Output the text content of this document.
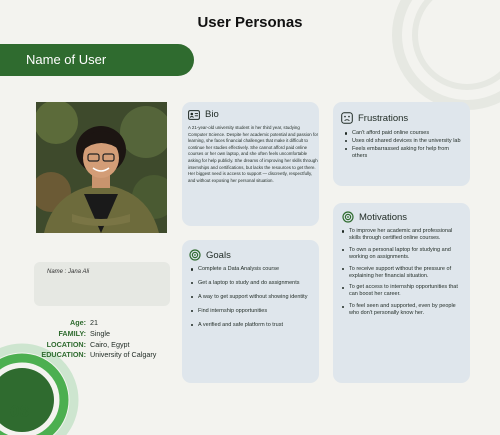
User Personas
Name of User
Name : Jana Ali
Age: 21
FAMILY: Single
LOCATION: Cairo, Egypt
EDUCATION: University of Calgary
Bio
A 21-year-old university student in her third year, studying Computer Science. Despite her academic potential and passion for learning, she faces financial challenges that make it difficult to continue her studies effectively. She cannot afford paid online courses or her own laptop, and she often feels uncomfortable asking for help publicly. She dreams of improving her skills through internships and certifications, but lacks the resources to get there. Her biggest need is access to support — discreetly, respectfully, and without exposing her personal situation.
Goals
Complete a Data Analysis course
Get a laptop to study and do assignments
A way to get support without showing identity
Find internship opportunities
A verified and safe platform to trust
Frustrations
Can't afford paid online courses
Uses old shared devices in the university lab
Feels embarrassed asking for help from others
Motivations
To improve her academic and professional skills through certified online courses.
To own a personal laptop for studying and working on assignments.
To receive support without the pressure of explaining her financial situation.
To get access to internship opportunities that can boost her career.
To feel seen and supported, even by people who don't personally know her.
08
